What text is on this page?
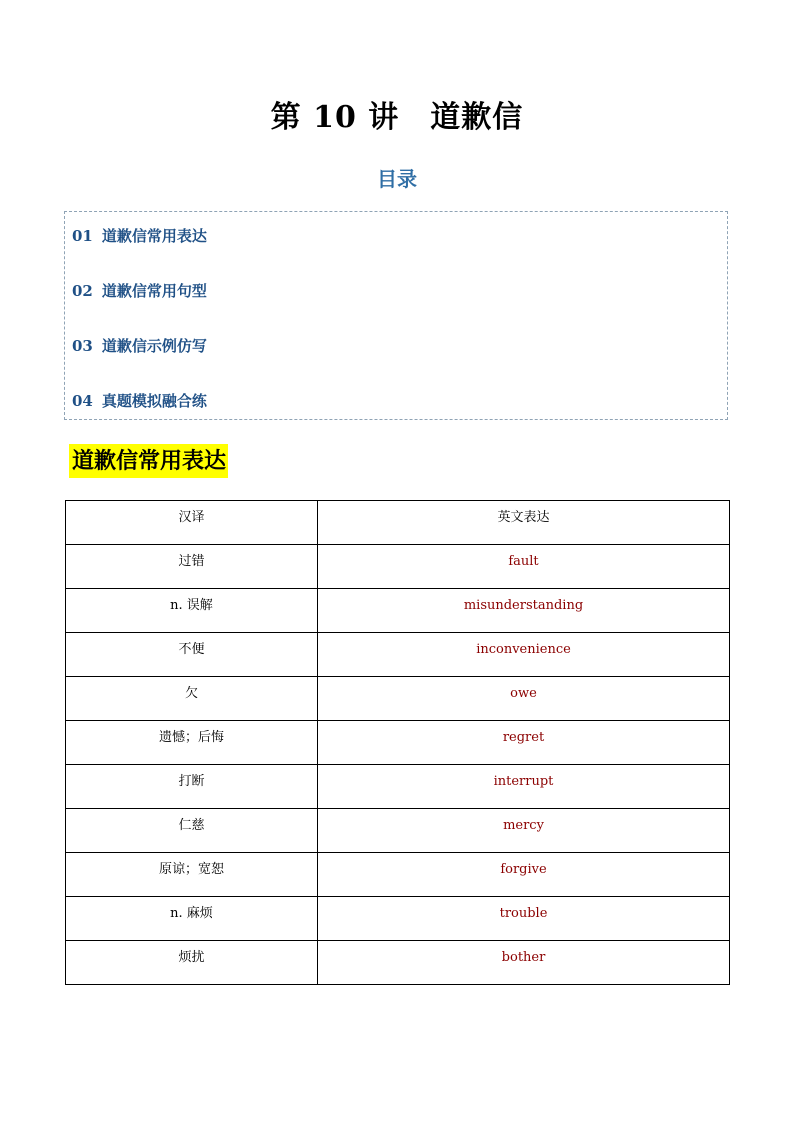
第 10 讲　道歉信
目录
01 道歉信常用表达
02 道歉信常用句型
03 道歉信示例仿写
04 真题模拟融合练
道歉信常用表达
汉译	英文表达
过错	fault
n. 误解	misunderstanding
不便	inconvenience
欠	owe
遗憾；后悔	regret
打断	interrupt
仁慈	mercy
原谅；宽恕	forgive
n. 麻烦	trouble
烦扰	bother
